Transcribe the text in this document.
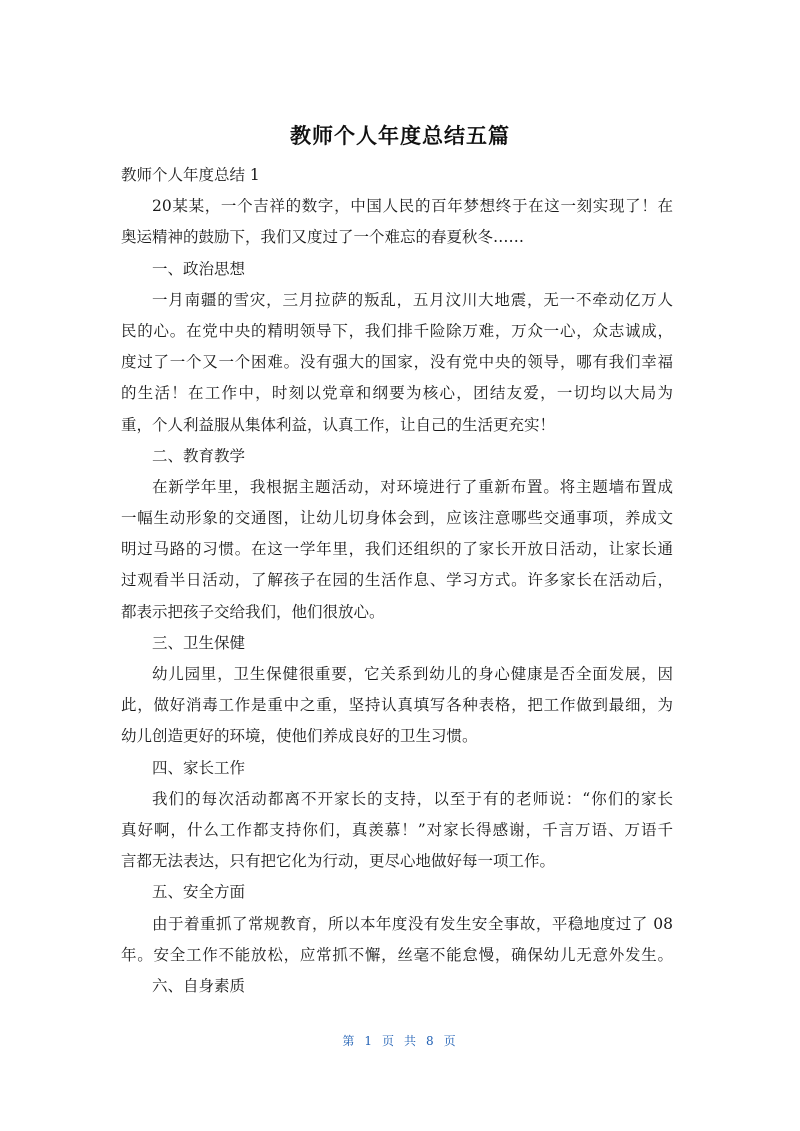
教师个人年度总结五篇
教师个人年度总结 1
20某某，一个吉祥的数字，中国人民的百年梦想终于在这一刻实现了！在
奥运精神的鼓励下，我们又度过了一个难忘的春夏秋冬……
一、政治思想
一月南疆的雪灾，三月拉萨的叛乱，五月汶川大地震，无一不牵动亿万人
民的心。在党中央的精明领导下，我们排千险除万难，万众一心，众志诚成，
度过了一个又一个困难。没有强大的国家，没有党中央的领导，哪有我们幸福
的生活！在工作中，时刻以党章和纲要为核心，团结友爱，一切均以大局为
重，个人利益服从集体利益，认真工作，让自己的生活更充实！
二、教育教学
在新学年里，我根据主题活动，对环境进行了重新布置。将主题墙布置成
一幅生动形象的交通图，让幼儿切身体会到，应该注意哪些交通事项，养成文
明过马路的习惯。在这一学年里，我们还组织的了家长开放日活动，让家长通
过观看半日活动，了解孩子在园的生活作息、学习方式。许多家长在活动后，
都表示把孩子交给我们，他们很放心。
三、卫生保健
幼儿园里，卫生保健很重要，它关系到幼儿的身心健康是否全面发展，因
此，做好消毒工作是重中之重，坚持认真填写各种表格，把工作做到最细，为
幼儿创造更好的环境，使他们养成良好的卫生习惯。
四、家长工作
我们的每次活动都离不开家长的支持，以至于有的老师说：“你们的家长
真好啊，什么工作都支持你们，真羡慕！”对家长得感谢，千言万语、万语千
言都无法表达，只有把它化为行动，更尽心地做好每一项工作。
五、安全方面
由于着重抓了常规教育，所以本年度没有发生安全事故，平稳地度过了 08
年。安全工作不能放松，应常抓不懈，丝毫不能怠慢，确保幼儿无意外发生。
六、自身素质
第 1 页 共 8 页
